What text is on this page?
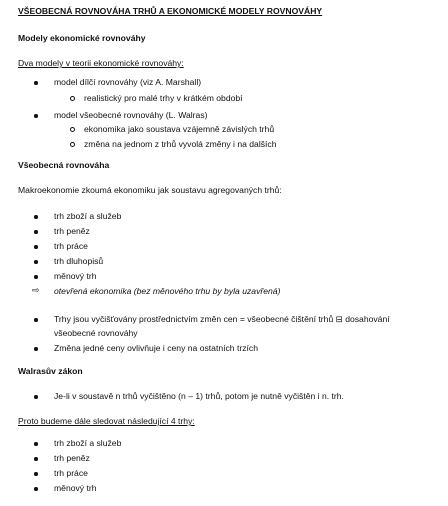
VŠEOBECNÁ ROVNOVÁHA TRHŮ A EKONOMICKÉ MODELY ROVNOVÁHY
Modely ekonomické rovnováhy
Dva modely v teorii ekonomické rovnováhy:
model dílčí rovnováhy (viz A. Marshall)
realistický pro malé trhy v krátkém období
model všeobecné rovnováhy (L. Walras)
ekonomika jako soustava vzájemně závislých trhů
změna na jednom z trhů vyvolá změny i na dalších
Všeobecná rovnováha
Makroekonomie zkoumá ekonomiku jak soustavu agregovaných trhů:
trh zboží a služeb
trh peněz
trh práce
trh dluhopisů
měnový trh
⇨ otevřená ekonomika (bez měnového trhu by byla uzavřená)
Trhy jsou vyčišťovány prostřednictvím změn cen = všeobecné čištění trhů ⊟ dosahování
všeobecné rovnováhy
Změna jedné ceny ovlivňuje i ceny na ostatních trzích
Walrasův zákon
Je-li v soustavě n trhů vyčištěno (n – 1) trhů, potom je nutně vyčištěn i n. trh.
Proto budeme dále sledovat následující 4 trhy:
trh zboží a služeb
trh peněz
trh práce
měnový trh
